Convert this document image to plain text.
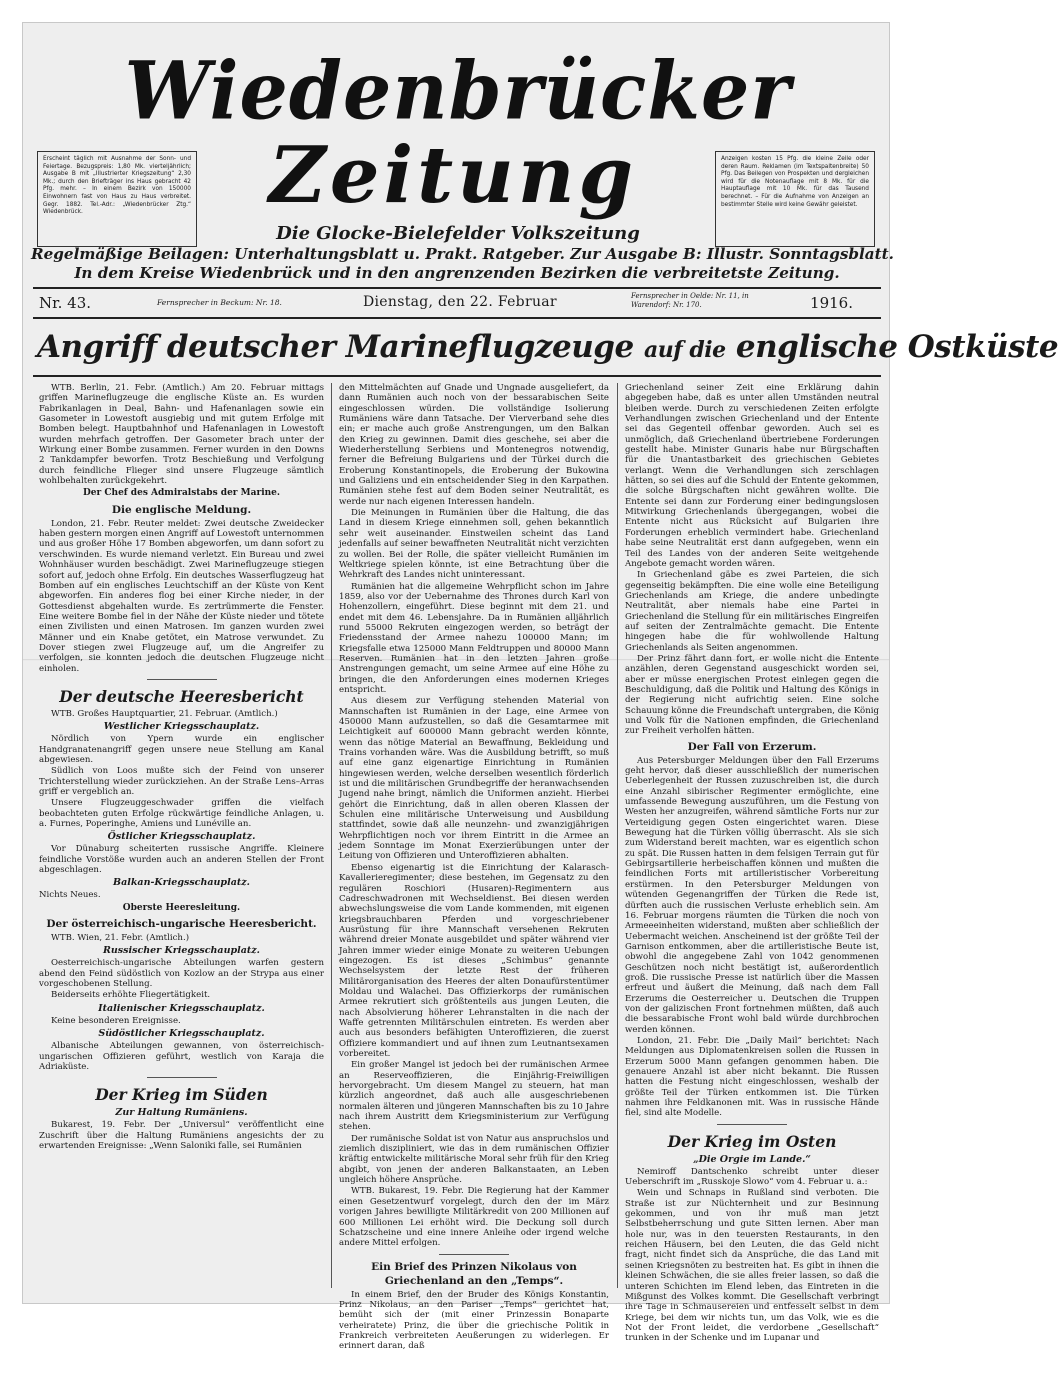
Wiedenbrücker
Zeitung
Erscheint täglich mit Ausnahme der Sonn- und Feiertage. Bezugspreis: 1,80 Mk. vierteljährlich; Ausgabe B mit „Illustrierter Kriegszeitung“ 2,30 Mk.; durch den Briefträger ins Haus gebracht 42 Pfg. mehr. – In einem Bezirk von 150000 Einwohnern fast von Haus zu Haus verbreitet. Gegr. 1882. Tel.-Adr.: „Wiedenbrücker Ztg.“ Wiedenbrück.
Anzeigen kosten 15 Pfg. die kleine Zeile oder deren Raum. Reklamen (im Textspaltenbreite) 50 Pfg. Das Beilegen von Prospekten und dergleichen wird für die Notenauflage mit 8 Mk. für die Hauptauflage mit 10 Mk. für das Tausend berechnet. – Für die Aufnahme von Anzeigen an bestimmter Stelle wird keine Gewähr geleistet.
Die Glocke-Bielefelder Volkszeitung
Regelmäßige Beilagen: Unterhaltungsblatt u. Prakt. Ratgeber. Zur Ausgabe B: Illustr. Sonntagsblatt.
In dem Kreise Wiedenbrück und in den angrenzenden Bezirken die verbreitetste Zeitung.
Nr. 43.	Fernsprecher in Beckum: Nr. 18.	Dienstag, den 22. Februar	Fernsprecher in Oelde: Nr. 11, in Warendorf: Nr. 170.	1916.
Angriff deutscher Marineflugzeuge auf die englische Ostküste

WTB. Berlin, 21. Febr. (Amtlich.) Am 20. Februar mittags griffen Marineflugzeuge die englische Küste an. Es wurden Fabrikanlagen in Deal, Bahn- und Hafenanlagen sowie ein Gasometer in Lowestoft ausgiebig und mit gutem Erfolge mit Bomben belegt. Hauptbahnhof und Hafenanlagen in Lowestoft wurden mehrfach getroffen. Der Gasometer brach unter der Wirkung einer Bombe zusammen. Ferner wurden in den Downs 2 Tankdampfer beworfen. Trotz Beschießung und Verfolgung durch feindliche Flieger sind unsere Flugzeuge sämtlich wohlbehalten zurückgekehrt.

Der Chef des Admiralstabs der Marine.
Die englische Meldung.

London, 21. Febr. Reuter meldet: Zwei deutsche Zweidecker haben gestern morgen einen Angriff auf Lowestoft unternommen und aus großer Höhe 17 Bomben abgeworfen, um dann sofort zu verschwinden. Es wurde niemand verletzt. Ein Bureau und zwei Wohnhäuser wurden beschädigt. Zwei Marineflugzeuge stiegen sofort auf, jedoch ohne Erfolg. Ein deutsches Wasserflugzeug hat Bomben auf ein englisches Leuchtschiff an der Küste von Kent abgeworfen. Ein anderes flog bei einer Kirche nieder, in der Gottesdienst abgehalten wurde. Es zertrümmerte die Fenster. Eine weitere Bombe fiel in der Nähe der Küste nieder und tötete einen Zivilisten und einen Matrosen. Im ganzen wurden zwei Männer und ein Knabe getötet, ein Matrose verwundet. Zu Dover stiegen zwei Flugzeuge auf, um die Angreifer zu verfolgen, sie konnten jedoch die deutschen Flugzeuge nicht einholen.

Der deutsche Heeresbericht

WTB. Großes Hauptquartier, 21. Februar. (Amtlich.)

Westlicher Kriegsschauplatz.

Nördlich von Ypern wurde ein englischer Handgranatenangriff gegen unsere neue Stellung am Kanal abgewiesen.

Südlich von Loos mußte sich der Feind von unserer Trichterstellung wieder zurückziehen. An der Straße Lens–Arras griff er vergeblich an.

Unsere Flugzeuggeschwader griffen die vielfach beobachteten guten Erfolge rückwärtige feindliche Anlagen, u. a. Furnes, Poperinghe, Amiens und Lunéville an.

Östlicher Kriegsschauplatz.

Vor Dünaburg scheiterten russische Angriffe. Kleinere feindliche Vorstöße wurden auch an anderen Stellen der Front abgeschlagen.

Balkan-Kriegsschauplatz.

Nichts Neues.

Oberste Heeresleitung.
Der österreichisch-ungarische Heeresbericht.

WTB. Wien, 21. Febr. (Amtlich.)

Russischer Kriegsschauplatz.

Oesterreichisch-ungarische Abteilungen warfen gestern abend den Feind südöstlich von Kozlow an der Strypa aus einer vorgeschobenen Stellung.

Beiderseits erhöhte Fliegertätigkeit.

Italienischer Kriegsschauplatz.

Keine besonderen Ereignisse.

Südöstlicher Kriegsschauplatz.

Albanische Abteilungen gewannen, von österreichisch-ungarischen Offizieren geführt, westlich von Karaja die Adriaküste.

Der Krieg im Süden
Zur Haltung Rumäniens.

Bukarest, 19. Febr. Der „Universul“ veröffentlicht eine Zuschrift über die Haltung Rumäniens angesichts der zu erwartenden Ereignisse: „Wenn Saloniki falle, sei Rumänien

den Mittelmächten auf Gnade und Ungnade ausgeliefert, da dann Rumänien auch noch von der bessarabischen Seite eingeschlossen würden. Die vollständige Isolierung Rumäniens wäre dann Tatsache. Der Vierverband sehe dies ein; er mache auch große Anstrengungen, um den Balkan den Krieg zu gewinnen. Damit dies geschehe, sei aber die Wiederherstellung Serbiens und Montenegros notwendig, ferner die Befreiung Bulgariens und der Türkei durch die Eroberung Konstantinopels, die Eroberung der Bukowina und Galiziens und ein entscheidender Sieg in den Karpathen. Rumänien stehe fest auf dem Boden seiner Neutralität, es werde nur nach eigenen Interessen handeln.

Die Meinungen in Rumänien über die Haltung, die das Land in diesem Kriege einnehmen soll, gehen bekanntlich sehr weit auseinander. Einstweilen scheint das Land jedenfalls auf seiner bewaffneten Neutralität nicht verzichten zu wollen. Bei der Rolle, die später vielleicht Rumänien im Weltkriege spielen könnte, ist eine Betrachtung über die Wehrkraft des Landes nicht uninteressant.

Rumänien hat die allgemeine Wehrpflicht schon im Jahre 1859, also vor der Uebernahme des Thrones durch Karl von Hohenzollern, eingeführt. Diese beginnt mit dem 21. und endet mit dem 46. Lebensjahre. Da in Rumänien alljährlich rund 55000 Rekruten eingezogen werden, so beträgt der Friedensstand der Armee nahezu 100000 Mann; im Kriegsfalle etwa 125000 Mann Feldtruppen und 80000 Mann Reserven. Rumänien hat in den letzten Jahren große Anstrengungen gemacht, um seine Armee auf eine Höhe zu bringen, die den Anforderungen eines modernen Krieges entspricht.

Aus diesem zur Verfügung stehenden Material von Mannschaften ist Rumänien in der Lage, eine Armee von 450000 Mann aufzustellen, so daß die Gesamtarmee mit Leichtigkeit auf 600000 Mann gebracht werden könnte, wenn das nötige Material an Bewaffnung, Bekleidung und Trains vorhanden wäre. Was die Ausbildung betrifft, so muß auf eine ganz eigenartige Einrichtung in Rumänien hingewiesen werden, welche derselben wesentlich förderlich ist und die militärischen Grundbegriffe der heranwachsenden Jugend nahe bringt, nämlich die Uniformen anzieht. Hierbei gehört die Einrichtung, daß in allen oberen Klassen der Schulen eine militärische Unterweisung und Ausbildung stattfindet, sowie daß alle neunzehn- und zwanzigjährigen Wehrpflichtigen noch vor ihrem Eintritt in die Armee an jedem Sonntage im Monat Exerzierübungen unter der Leitung von Offizieren und Unteroffizieren abhalten.

Ebenso eigenartig ist die Einrichtung der Kalarasch-Kavallerieregimenter; diese bestehen, im Gegensatz zu den regulären Roschiori (Husaren)-Regimentern aus Cadreschwadronen mit Wechseldienst. Bei diesen werden abwechslungsweise die vom Lande kommenden, mit eigenen kriegsbrauchbaren Pferden und vorgeschriebener Ausrüstung für ihre Mannschaft versehenen Rekruten während dreier Monate ausgebildet und später während vier Jahren immer wieder einige Monate zu weiteren Uebungen eingezogen. Es ist dieses „Schimbus“ genannte Wechselsystem der letzte Rest der früheren Militärorganisation des Heeres der alten Donaufürstentümer Moldau und Walachei. Das Offizierkorps der rumänischen Armee rekrutiert sich größtenteils aus jungen Leuten, die nach Absolvierung höherer Lehranstalten in die nach der Waffe getrennten Militärschulen eintreten. Es werden aber auch aus besonders befähigten Unteroffizieren, die zuerst Offiziere kommandiert und auf ihnen zum Leutnantsexamen vorbereitet.

Ein großer Mangel ist jedoch bei der rumänischen Armee an Reserveoffizieren, die Einjährig-Freiwilligen hervorgebracht. Um diesem Mangel zu steuern, hat man kürzlich angeordnet, daß auch alle ausgeschriebenen normalen älteren und jüngeren Mannschaften bis zu 10 Jahre nach ihrem Austritt dem Kriegsministerium zur Verfügung stehen.

Der rumänische Soldat ist von Natur aus anspruchslos und ziemlich diszipliniert, wie das in dem rumänischen Offizier kräftig entwickelte militärische Moral sehr früh für den Krieg abgibt, von jenen der anderen Balkanstaaten, an Leben ungleich höhere Ansprüche.

WTB. Bukarest, 19. Febr. Die Regierung hat der Kammer einen Gesetzentwurf vorgelegt, durch den der im März vorigen Jahres bewilligte Militärkredit von 200 Millionen auf 600 Millionen Lei erhöht wird. Die Deckung soll durch Schatzscheine und eine innere Anleihe oder irgend welche andere Mittel erfolgen.

Ein Brief des Prinzen Nikolaus von Griechenland an den „Temps“.

In einem Brief, den der Bruder des Königs Konstantin, Prinz Nikolaus, an den Pariser „Temps“ gerichtet hat, bemüht sich der (mit einer Prinzessin Bonaparte verheiratete) Prinz, die über die griechische Politik in Frankreich verbreiteten Aeußerungen zu widerlegen. Er erinnert daran, daß

Griechenland seiner Zeit eine Erklärung dahin abgegeben habe, daß es unter allen Umständen neutral bleiben werde. Durch zu verschiedenen Zeiten erfolgte Verhandlungen zwischen Griechenland und der Entente sei das Gegenteil offenbar geworden. Auch sei es unmöglich, daß Griechenland übertriebene Forderungen gestellt habe. Minister Gunaris habe nur Bürgschaften für die Unantastbarkeit des griechischen Gebietes verlangt. Wenn die Verhandlungen sich zerschlagen hätten, so sei dies auf die Schuld der Entente gekommen, die solche Bürgschaften nicht gewähren wollte. Die Entente sei dann zur Forderung einer bedingungslosen Mitwirkung Griechenlands übergegangen, wobei die Entente nicht aus Rücksicht auf Bulgarien ihre Forderungen erheblich vermindert habe. Griechenland habe seine Neutralität erst dann aufgegeben, wenn ein Teil des Landes von der anderen Seite weitgehende Angebote gemacht worden wären.

In Griechenland gäbe es zwei Parteien, die sich gegenseitig bekämpften. Die eine wolle eine Beteiligung Griechenlands am Kriege, die andere unbedingte Neutralität, aber niemals habe eine Partei in Griechenland die Stellung für ein militärisches Eingreifen auf seiten der Zentralmächte gemacht. Die Entente hingegen habe die für wohlwollende Haltung Griechenlands als Seiten angenommen.

Der Prinz fährt dann fort, er wolle nicht die Entente anzählen, deren Gegenstand ausgeschickt worden sei, aber er müsse energischen Protest einlegen gegen die Beschuldigung, daß die Politik und Haltung des Königs in der Regierung nicht aufrichtig seien. Eine solche Schauung könne die Freundschaft untergraben, die König und Volk für die Nationen empfinden, die Griechenland zur Freiheit verholfen hätten.

Der Fall von Erzerum.

Aus Petersburger Meldungen über den Fall Erzerums geht hervor, daß dieser ausschließlich der numerischen Ueberlegenheit der Russen zuzuschreiben ist, die durch eine Anzahl sibirischer Regimenter ermöglichte, eine umfassende Bewegung auszuführen, um die Festung von Westen her anzugreifen, während sämtliche Forts nur zur Verteidigung gegen Osten eingerichtet waren. Diese Bewegung hat die Türken völlig überrascht. Als sie sich zum Widerstand bereit machten, war es eigentlich schon zu spät. Die Russen hatten in dem felsigen Terrain gut für Gebirgsartillerie herbeischaffen können und mußten die feindlichen Forts mit artilleristischer Vorbereitung erstürmen. In den Petersburger Meldungen von wütenden Gegenangriffen der Türken die Rede ist, dürften auch die russischen Verluste erheblich sein. Am 16. Februar morgens räumten die Türken die noch von Armeeeinheiten widerstand, mußten aber schließlich der Uebermacht weichen. Anscheinend ist der größte Teil der Garnison entkommen, aber die artilleristische Beute ist, obwohl die angegebene Zahl von 1042 genommenen Geschützen noch nicht bestätigt ist, außerordentlich groß. Die russische Presse ist natürlich über die Massen erfreut und äußert die Meinung, daß nach dem Fall Erzerums die Oesterreicher u. Deutschen die Truppen von der galizischen Front fortnehmen müßten, daß auch die bessarabische Front wohl bald würde durchbrochen werden können.

London, 21. Febr. Die „Daily Mail“ berichtet: Nach Meldungen aus Diplomatenkreisen sollen die Russen in Erzerum 5000 Mann gefangen genommen haben. Die genauere Anzahl ist aber nicht bekannt. Die Russen hatten die Festung nicht eingeschlossen, weshalb der größte Teil der Türken entkommen ist. Die Türken nahmen ihre Feldkanonen mit. Was in russische Hände fiel, sind alte Modelle.

Der Krieg im Osten
„Die Orgie im Lande.“

Nemiroff Dantschenko schreibt unter dieser Ueberschrift im „Russkoje Slowo“ vom 4. Februar u. a.:

Wein und Schnaps in Rußland sind verboten. Die Straße ist zur Nüchternheit und zur Besinnung gekommen, und von ihr muß man jetzt Selbstbeherrschung und gute Sitten lernen. Aber man hole nur, was in den teuersten Restaurants, in den reichen Häusern, bei den Leuten, die das Geld nicht fragt, nicht findet sich da Ansprüche, die das Land mit seinen Kriegsnöten zu bestreiten hat. Es gibt in ihnen die kleinen Schwächen, die sie alles freier lassen, so daß die unteren Schichten im Elend leben, das Eintreten in die Mißgunst des Volkes kommt. Die Gesellschaft verbringt ihre Tage in Schmausereien und entfesselt selbst in dem Kriege, bei dem wir nichts tun, um das Volk, wie es die Not der Front leidet, die verdorbene „Gesellschaft“ trunken in der Schenke und im Lupanar und
